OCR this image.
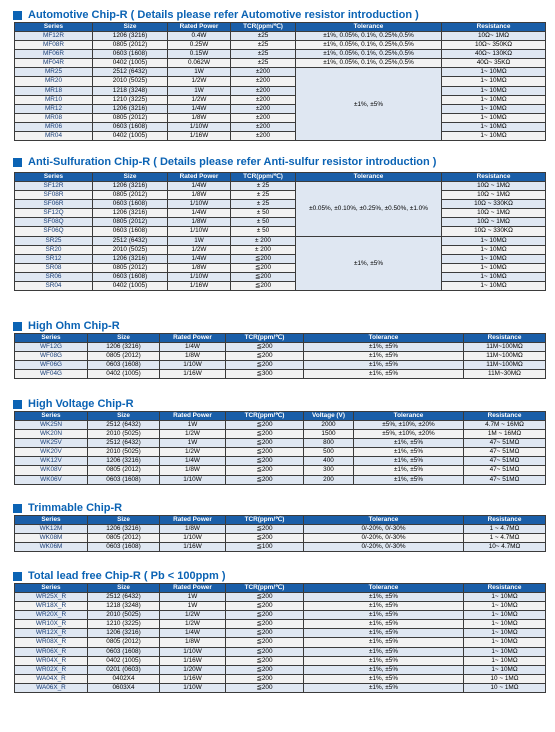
Automotive Chip-R ( Details please refer Automotive resistor introduction )
Series	Size	Rated Power	TCR(ppm/℃)	Tolerance	Resistance
MF12R	1206 (3216)	0.4W	±25	±1%, 0.05%, 0.1%, 0.25%,0.5%	10Ω~ 1MΩ
MF08R	0805 (2012)	0.25W	±25	±1%, 0.05%, 0.1%, 0.25%,0.5%	10Ω~ 350KΩ
MF06R	0603 (1608)	0.15W	±25	±1%, 0.05%, 0.1%, 0.25%,0.5%	40Ω~ 130KΩ
MF04R	0402 (1005)	0.062W	±25	±1%, 0.05%, 0.1%, 0.25%,0.5%	40Ω~ 35KΩ
MR25	2512 (6432)	1W	±200	±1%, ±5%	1~ 10MΩ
MR20	2010 (5025)	1/2W	±200		1~ 10MΩ
MR18	1218 (3248)	1W	±200		1~ 10MΩ
MR10	1210 (3225)	1/2W	±200		1~ 10MΩ
MR12	1206 (3216)	1/4W	±200		1~ 10MΩ
MR08	0805 (2012)	1/8W	±200		1~ 10MΩ
MR06	0603 (1608)	1/10W	±200		1~ 10MΩ
MR04	0402 (1005)	1/16W	±200		1~ 10MΩ
Anti-Sulfuration Chip-R ( Details please refer Anti-sulfur resistor introduction )
Series	Size	Rated Power	TCR(ppm/℃)	Tolerance	Resistance
SF12R	1206 (3216)	1/4W	± 25	±0.05%, ±0.10%, ±0.25%, ±0.50%, ±1.0%	10Ω ~ 1MΩ
SF08R	0805 (2012)	1/8W	± 25		10Ω ~ 1MΩ
SF06R	0603 (1608)	1/10W	± 25		10Ω ~ 330KΩ
SF12Q	1206 (3216)	1/4W	± 50		10Ω ~ 1MΩ
SF08Q	0805 (2012)	1/8W	± 50		10Ω ~ 1MΩ
SF06Q	0603 (1608)	1/10W	± 50		10Ω ~ 330KΩ
SR25	2512 (6432)	1W	± 200	±1%, ±5%	1~ 10MΩ
SR20	2010 (5025)	1/2W	± 200		1~ 10MΩ
SR12	1206 (3216)	1/4W	≦200		1~ 10MΩ
SR08	0805 (2012)	1/8W	≦200		1~ 10MΩ
SR06	0603 (1608)	1/10W	≦200		1~ 10MΩ
SR04	0402 (1005)	1/16W	≦200		1~ 10MΩ
High Ohm Chip-R
Series	Size	Rated Power	TCR(ppm/℃)	Tolerance	Resistance
WF12G	1206 (3216)	1/4W	≦200	±1%, ±5%	11M~100MΩ
WF08G	0805 (2012)	1/8W	≦200	±1%, ±5%	11M~100MΩ
WF06G	0603 (1608)	1/10W	≦200	±1%, ±5%	11M~100MΩ
WF04G	0402 (1005)	1/16W	≦300	±1%, ±5%	11M~30MΩ
High Voltage Chip-R
Series	Size	Rated Power	TCR(ppm/℃)	Voltage (V)	Tolerance	Resistance
WK25N	2512 (6432)	1W	≦200	2000	±5%, ±10%, ±20%	4.7M ~ 16MΩ
WK20N	2010 (5025)	1/2W	≦200	1500	±5%, ±10%, ±20%	1M ~ 16MΩ
WK25V	2512 (6432)	1W	≦200	800	±1%, ±5%	47~ 51MΩ
WK20V	2010 (5025)	1/2W	≦200	500	±1%, ±5%	47~ 51MΩ
WK12V	1206 (3216)	1/4W	≦200	400	±1%, ±5%	47~ 51MΩ
WK08V	0805 (2012)	1/8W	≦200	300	±1%, ±5%	47~ 51MΩ
WK06V	0603 (1608)	1/10W	≦200	200	±1%, ±5%	47~ 51MΩ
Trimmable Chip-R
Series	Size	Rated Power	TCR(ppm/℃)	Tolerance	Resistance
WK12M	1206 (3216)	1/8W	≦200	0/-20%, 0/-30%	1 ~ 4.7MΩ
WK08M	0805 (2012)	1/10W	≦200	0/-20%, 0/-30%	1 ~ 4.7MΩ
WK06M	0603 (1608)	1/16W	≦100	0/-20%, 0/-30%	10~ 4.7MΩ
Total lead free Chip-R ( Pb < 100ppm )
Series	Size	Rated Power	TCR(ppm/℃)	Tolerance	Resistance
WR25X_R	2512 (6432)	1W	≦200	±1%, ±5%	1~ 10MΩ
WR18X_R	1218 (3248)	1W	≦200	±1%, ±5%	1~ 10MΩ
WR20X_R	2010 (5025)	1/2W	≦200	±1%, ±5%	1~ 10MΩ
WR10X_R	1210 (3225)	1/2W	≦200	±1%, ±5%	1~ 10MΩ
WR12X_R	1206 (3216)	1/4W	≦200	±1%, ±5%	1~ 10MΩ
WR08X_R	0805 (2012)	1/8W	≦200	±1%, ±5%	1~ 10MΩ
WR06X_R	0603 (1608)	1/10W	≦200	±1%, ±5%	1~ 10MΩ
WR04X_R	0402 (1005)	1/16W	≦200	±1%, ±5%	1~ 10MΩ
WR02X_R	0201 (0603)	1/20W	≦200	±1%, ±5%	1~ 10MΩ
WA04X_R	0402X4	1/16W	≦200	±1%, ±5%	10 ~ 1MΩ
WA06X_R	0603X4	1/10W	≦200	±1%, ±5%	10 ~ 1MΩ
